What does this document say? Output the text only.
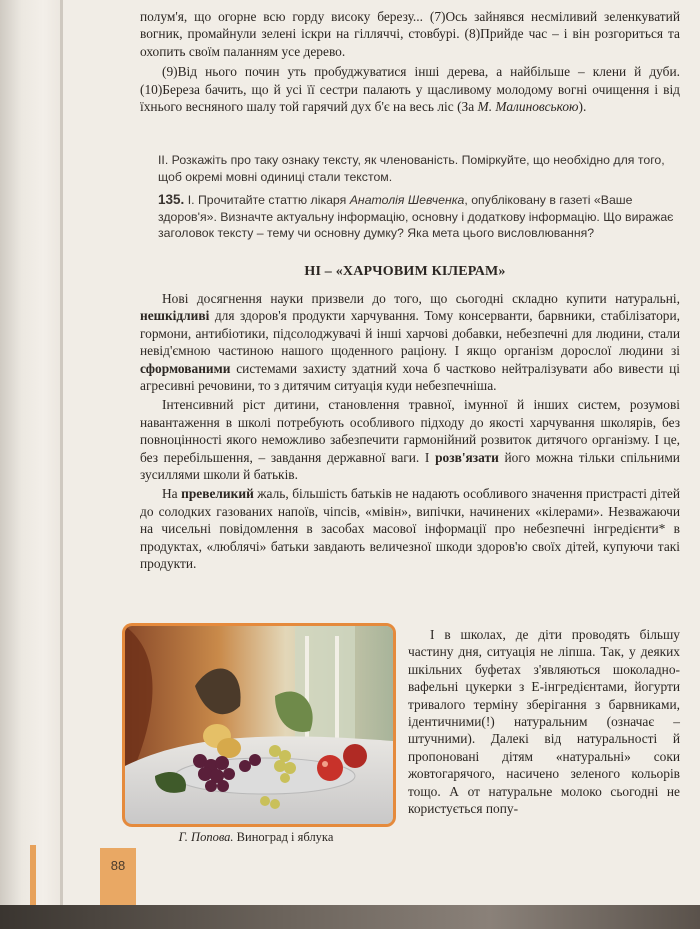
полум'я, що огорне всю горду високу березу... (7)Ось зайнявся несміливий зеленкуватий вогник, промайнули зелені іскри на гілляччі, стовбурі. (8)Прийде час – і він розгориться та охопить своїм паланням усе дерево.

(9)Від нього почин уть пробуджуватися інші дерева, а найбільше – клени й дуби. (10)Береза бачить, що й усі її сестри палають у щасливому молодому вогні очищення і від їхнього весняного шалу той гарячий дух б'є на весь ліс (За М. Малиновською).

ІІ. Розкажіть про таку ознаку тексту, як членованість. Поміркуйте, що необхідно для того, щоб окремі мовні одиниці стали текстом.

135. І. Прочитайте статтю лікаря Анатолія Шевченка, опубліковану в газеті «Ваше здоров'я». Визначте актуальну інформацію, основну і додаткову інформацію. Що виражає заголовок тексту – тему чи основну думку? Яка мета цього висловлювання?

НІ – «ХАРЧОВИМ КІЛЕРАМ»

Нові досягнення науки призвели до того, що сьогодні складно купити натуральні, нешкідливі для здоров'я продукти харчування. Тому консерванти, барвники, стабілізатори, гормони, антибіотики, підсолоджувачі й інші харчові добавки, небезпечні для людини, стали невід'ємною частиною нашого щоденного раціону. І якщо організм дорослої людини зі сформованими системами захисту здатний хоча б частково нейтралізувати або вивести ці агресивні речовини, то з дитячим ситуація куди небезпечніша.

Інтенсивний ріст дитини, становлення травної, імунної й інших систем, розумові навантаження в школі потребують особливого підходу до якості харчування школярів, без повноцінності якого неможливо забезпечити гармонійний розвиток дитячого організму. І це, без перебільшення, – завдання державної ваги. І розв'язати його можна тільки спільними зусиллями школи й батьків.

На превеликий жаль, більшість батьків не надають особливого значення пристрасті дітей до солодких газованих напоїв, чіпсів, «мівін», випічки, начинених «кілерами». Незважаючи на чисельні повідомлення в засобах масової інформації про небезпечні інгредієнти* в продуктах, «люблячі» батьки завдають величезної шкоди здоров'ю своїх дітей, купуючи такі продукти.

І в школах, де діти проводять більшу частину дня, ситуація не ліпша. Так, у деяких шкільних буфетах з'являються шоколадно-вафельні цукерки з Е-інгредієнтами, йогурти тривалого терміну зберігання з барвниками, ідентичними(!) натуральним (означає – штучними). Далекі від натуральності й пропоновані дітям «натуральні» соки жовтогарячого, насичено зеленого кольорів тощо. А от натуральне молоко сьогодні не користується попу-

Г. Попова. Виноград і яблука
88
